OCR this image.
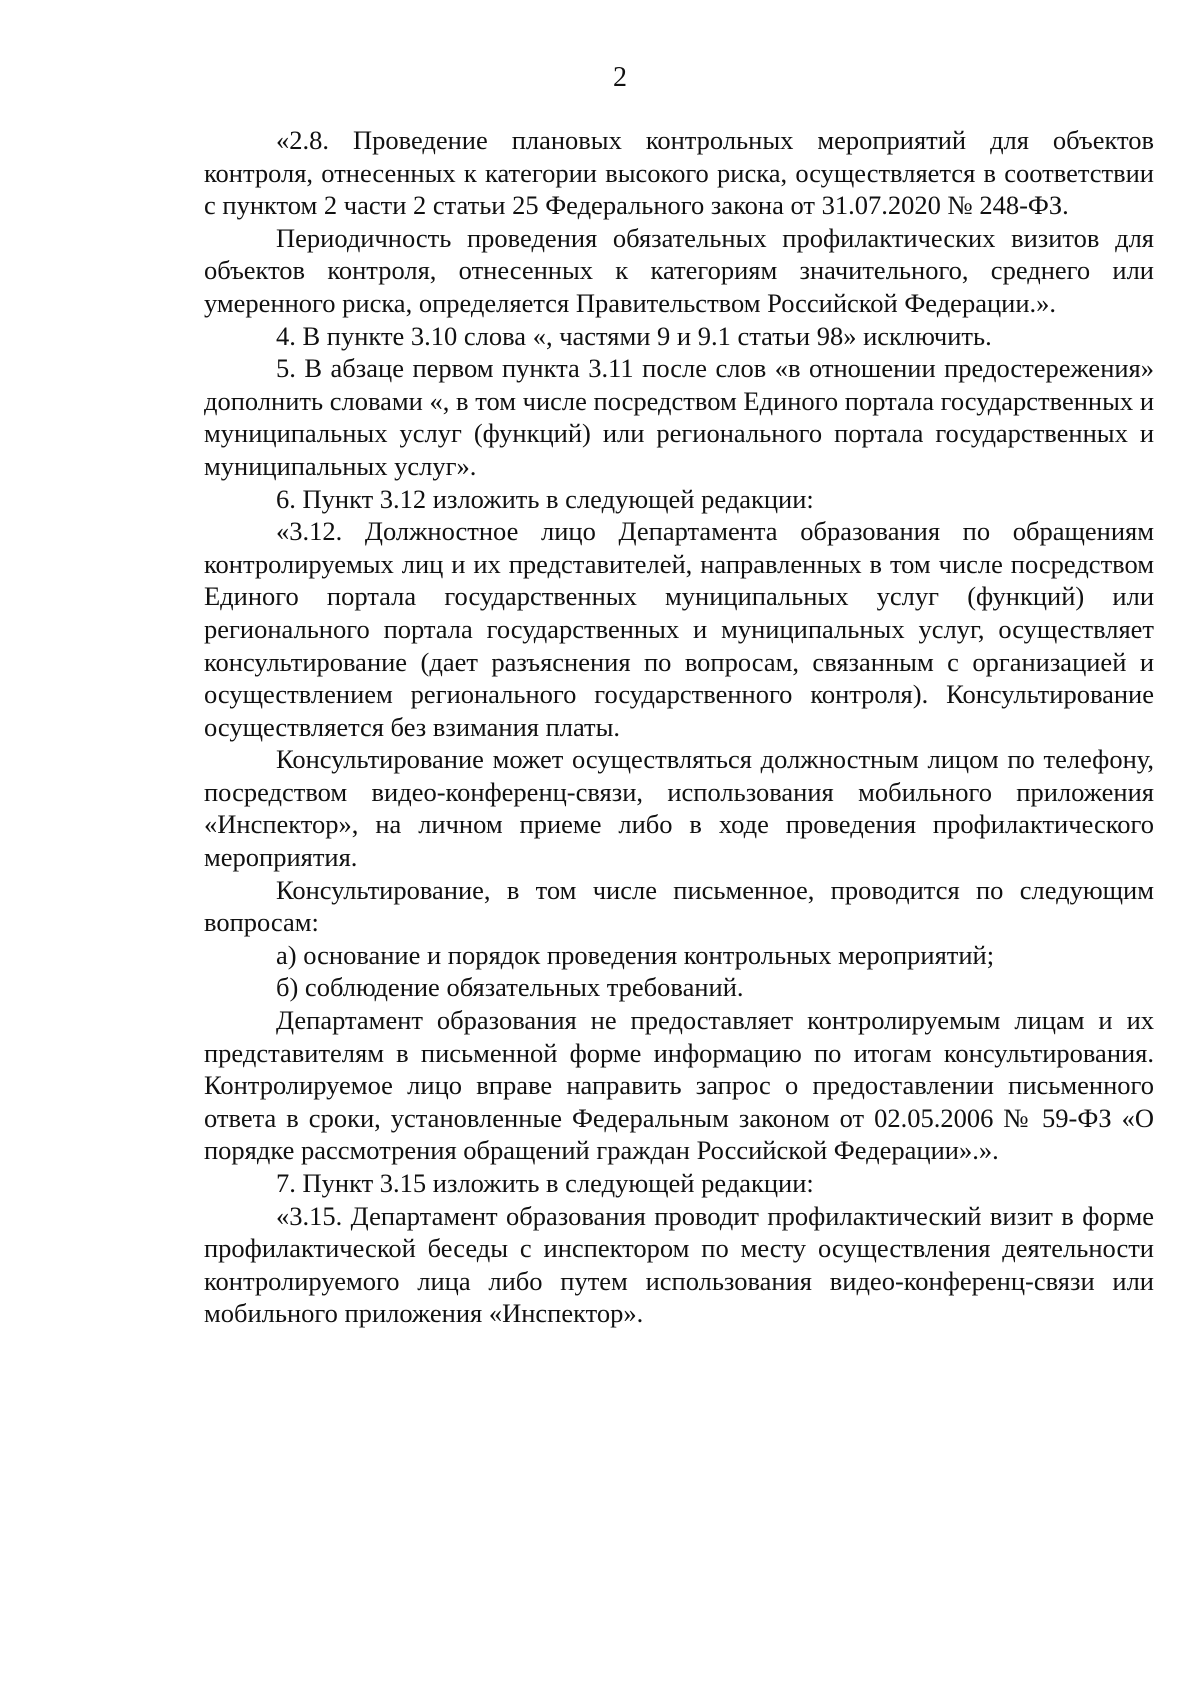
2

«2.8. Проведение плановых контрольных мероприятий для объектов контроля, отнесенных к категории высокого риска, осуществляется в соответствии с пунктом 2 части 2 статьи 25 Федерального закона от 31.07.2020 № 248-ФЗ.

Периодичность проведения обязательных профилактических визитов для объектов контроля, отнесенных к категориям значительного, среднего или умеренного риска, определяется Правительством Российской Федерации.».

4. В пункте 3.10 слова «, частями 9 и 9.1 статьи 98» исключить.

5. В абзаце первом пункта 3.11 после слов «в отношении предостережения» дополнить словами «, в том числе посредством Единого портала государственных и муниципальных услуг (функций) или регионального портала государственных и муниципальных услуг».

6. Пункт 3.12 изложить в следующей редакции:

«3.12. Должностное лицо Департамента образования по обращениям контролируемых лиц и их представителей, направленных в том числе посредством Единого портала государственных муниципальных услуг (функций) или регионального портала государственных и муниципальных услуг, осуществляет консультирование (дает разъяснения по вопросам, связанным с организацией и осуществлением регионального государственного контроля). Консультирование осуществляется без взимания платы.

Консультирование может осуществляться должностным лицом по телефону, посредством видео-конференц-связи, использования мобильного приложения «Инспектор», на личном приеме либо в ходе проведения профилактического мероприятия.

Консультирование, в том числе письменное, проводится по следующим вопросам:

а) основание и порядок проведения контрольных мероприятий;

б) соблюдение обязательных требований.

Департамент образования не предоставляет контролируемым лицам и их представителям в письменной форме информацию по итогам консультирования. Контролируемое лицо вправе направить запрос о предоставлении письменного ответа в сроки, установленные Федеральным законом от 02.05.2006 № 59-ФЗ «О порядке рассмотрения обращений граждан Российской Федерации».».

7. Пункт 3.15 изложить в следующей редакции:

«3.15. Департамент образования проводит профилактический визит в форме профилактической беседы с инспектором по месту осуществления деятельности контролируемого лица либо путем использования видео-конференц-связи или мобильного приложения «Инспектор».
